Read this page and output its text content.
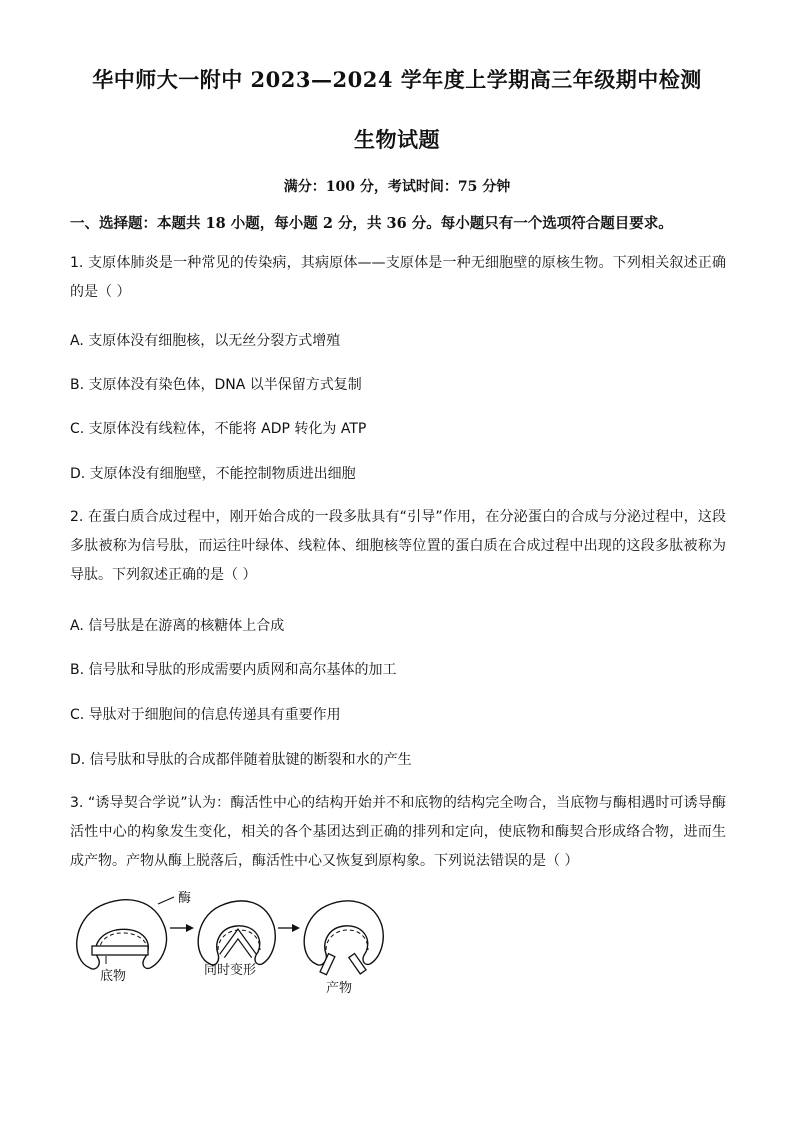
华中师大一附中 2023—2024 学年度上学期高三年级期中检测
生物试题
满分：100 分，考试时间：75 分钟
一、选择题：本题共 18 小题，每小题 2 分，共 36 分。每小题只有一个选项符合题目要求。
1. 支原体肺炎是一种常见的传染病，其病原体——支原体是一种无细胞壁的原核生物。下列相关叙述正确的是（ ）
A. 支原体没有细胞核，以无丝分裂方式增殖
B. 支原体没有染色体，DNA 以半保留方式复制
C. 支原体没有线粒体，不能将 ADP 转化为 ATP
D. 支原体没有细胞壁，不能控制物质进出细胞
2. 在蛋白质合成过程中，刚开始合成的一段多肽具有“引导”作用，在分泌蛋白的合成与分泌过程中，这段多肽被称为信号肽，而运往叶绿体、线粒体、细胞核等位置的蛋白质在合成过程中出现的这段多肽被称为导肽。下列叙述正确的是（ ）
A. 信号肽是在游离的核糖体上合成
B. 信号肽和导肽的形成需要内质网和高尔基体的加工
C. 导肽对于细胞间的信息传递具有重要作用
D. 信号肽和导肽的合成都伴随着肽键的断裂和水的产生
3. “诱导契合学说”认为：酶活性中心的结构开始并不和底物的结构完全吻合，当底物与酶相遇时可诱导酶活性中心的构象发生变化，相关的各个基团达到正确的排列和定向，使底物和酶契合形成络合物，进而生成产物。产物从酶上脱落后，酶活性中心又恢复到原构象。下列说法错误的是（ ）
底物
酶
同时变形
产物
